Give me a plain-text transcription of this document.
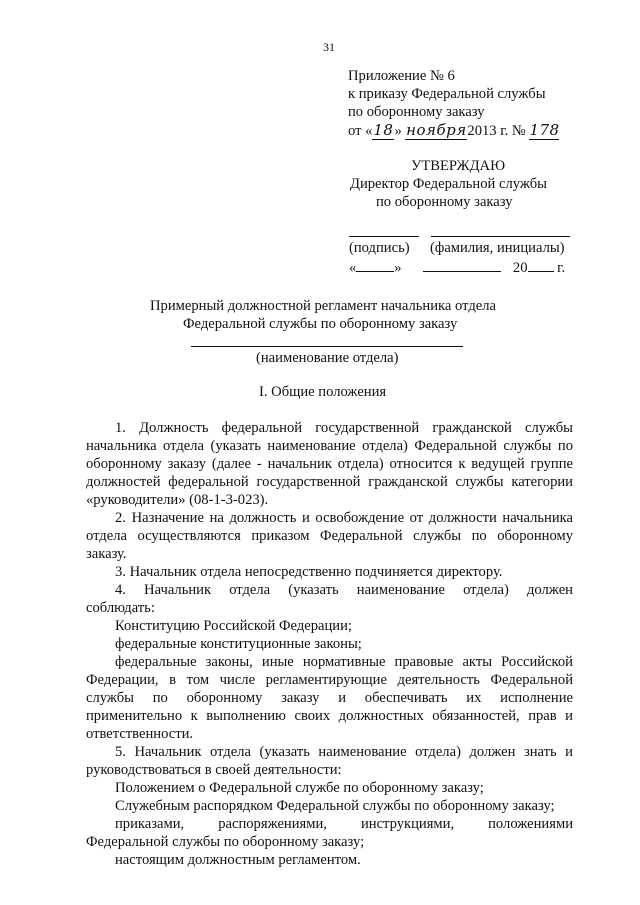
31
Приложение № 6
к приказу Федеральной службы
по оборонному заказу
от «18» ноября2013 г. № 178
УТВЕРЖДАЮ
Директор Федеральной службы
по оборонному заказу
(подпись) (фамилия, инициалы)
«	»	20 г.
Примерный должностной регламент начальника отдела
Федеральной службы по оборонному заказу
(наименование отдела)
I. Общие положения
1. Должность федеральной государственной гражданской службы
начальника отдела (указать наименование отдела) Федеральной службы по
оборонному заказу (далее - начальник отдела) относится к ведущей группе
должностей федеральной государственной гражданской службы категории
«руководители» (08-1-3-023).
2. Назначение на должность и освобождение от должности начальника
отдела осуществляются приказом Федеральной службы по оборонному
заказу.
3. Начальник отдела непосредственно подчиняется директору.
4. Начальник отдела (указать наименование отдела) должен
соблюдать:
Конституцию Российской Федерации;
федеральные конституционные законы;
федеральные законы, иные нормативные правовые акты Российской
Федерации, в том числе регламентирующие деятельность Федеральной
службы по оборонному заказу и обеспечивать их исполнение
применительно к выполнению своих должностных обязанностей, прав и
ответственности.
5. Начальник отдела (указать наименование отдела) должен знать и
руководствоваться в своей деятельности:
Положением о Федеральной службе по оборонному заказу;
Служебным распорядком Федеральной службы по оборонному заказу;
приказами, распоряжениями, инструкциями, положениями
Федеральной службы по оборонному заказу;
настоящим должностным регламентом.
